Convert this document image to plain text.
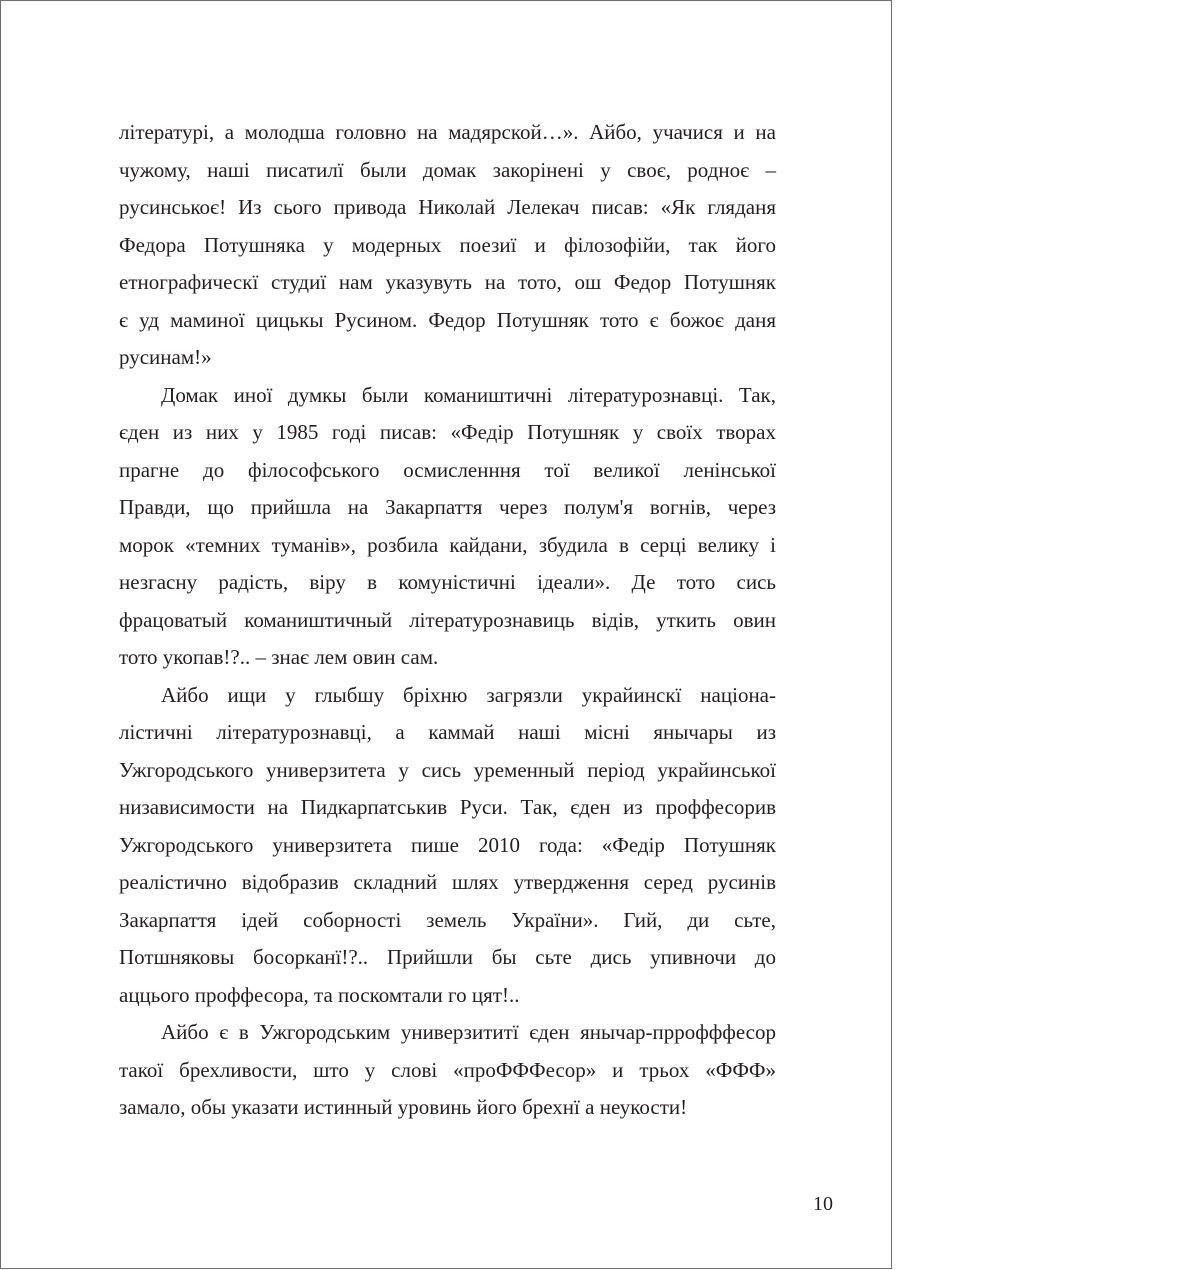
літературі, а молодша головно на мадярской…». Айбо, учачися и на
чужому, наші писатилї были домак закорінені у своє, родноє –
русинськоє! Из сього привода Николай Лелекач писав: «Як гляданя
Федора Потушняка у модерных поезиї и філозофійи, так його
етнографическї студиї нам указувуть на тото, ош Федор Потушняк
є уд маминої цицькы Русином. Федор Потушняк тото є божоє даня
русинам!»

Домак иної думкы были комаништичні літературознавці. Так,
єден из них у 1985 годі писав: «Федір Потушняк у своїх творах
прагне до філософського осмисленння тої великої ленінської
Правди, що прийшла на Закарпаття через полум'я вогнів, через
морок «темних туманів», розбила кайдани, збудила в серці велику і
незгасну радість, віру в комуністичні ідеали». Де тото сись
фрацоватый комаништичный літературознавиць відів, уткить овин
тото укопав!?.. – знає лем овин сам.

Айбо ищи у глыбшу бріхню загрязли украйинскї націона-
лістичні літературознавці, а каммай наші місні янычары из
Ужгородського универзитета у сись уременный період украйинської
низависимости на Пидкарпатськив Руси. Так, єден из проффесорив
Ужгородського универзитета пише 2010 года: «Федір Потушняк
реалістично відобразив складний шлях утвердження серед русинів
Закарпаття ідей соборності земель України». Гий, ди сьте,
Потшняковы босорканї!?.. Прийшли бы сьте дись упивночи до
аццього проффесора, та поскомтали го цят!..

Айбо є в Ужгородським универзититї єден янычар-пррофффесор
такої брехливости, што у слові «проФФФесор» и трьох «ФФФ»
замало, обы указати истинный уровинь його брехнї а неукости!

10
